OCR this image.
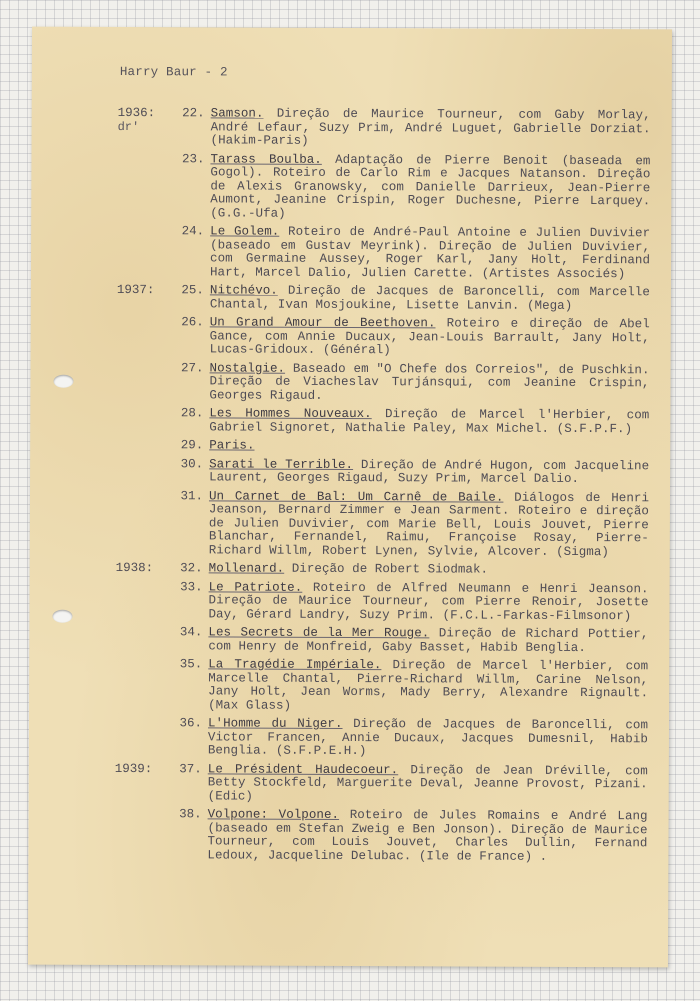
Harry Baur - 2
1936:
dr'
22. Samson. Direção de Maurice Tourneur, com Gaby Morlay, André Lefaur, Suzy Prim, André Luguet, Gabrielle Dorziat. (Hakim-Paris)
23. Tarass Boulba. Adaptação de Pierre Benoit (baseada em Gogol). Roteiro de Carlo Rim e Jacques Natanson. Direção de Alexis Granowsky, com Danielle Darrieux, Jean-Pierre Aumont, Jeanine Crispin, Roger Duchesne, Pierre Larquey. (G.G.-Ufa)
24. Le Golem. Roteiro de André-Paul Antoine e Julien Duvivier (baseado em Gustav Meyrink). Direção de Julien Duvivier, com Germaine Aussey, Roger Karl, Jany Holt, Ferdinand Hart, Marcel Dalio, Julien Carette. (Artistes Associés)
1937:	25. Nitchévo. Direção de Jacques de Baroncelli, com Marcelle Chantal, Ivan Mosjoukine, Lisette Lanvin. (Mega)
26. Un Grand Amour de Beethoven. Roteiro e direção de Abel Gance, com Annie Ducaux, Jean-Louis Barrault, Jany Holt, Lucas-Gridoux. (Général)
27. Nostalgie. Baseado em "O Chefe dos Correios", de Puschkin. Direção de Viacheslav Turjánsqui, com Jeanine Crispin, Georges Rigaud.
28. Les Hommes Nouveaux. Direção de Marcel l'Herbier, com Gabriel Signoret, Nathalie Paley, Max Michel. (S.F.P.F.)
29. Paris.
30. Sarati le Terrible. Direção de André Hugon, com Jacqueline Laurent, Georges Rigaud, Suzy Prim, Marcel Dalio.
31. Un Carnet de Bal: Um Carnê de Baile. Diálogos de Henri Jeanson, Bernard Zimmer e Jean Sarment. Roteiro e direção de Julien Duvivier, com Marie Bell, Louis Jouvet, Pierre Blanchar, Fernandel, Raimu, Françoise Rosay, Pierre-Richard Willm, Robert Lynen, Sylvie, Alcover. (Sigma)
1938:	32. Mollenard. Direção de Robert Siodmak.
33. Le Patriote. Roteiro de Alfred Neumann e Henri Jeanson. Direção de Maurice Tourneur, com Pierre Renoir, Josette Day, Gérard Landry, Suzy Prim. (F.C.L.-Farkas-Filmsonor)
34. Les Secrets de la Mer Rouge. Direção de Richard Pottier, com Henry de Monfreid, Gaby Basset, Habib Benglia.
35. La Tragédie Impériale. Direção de Marcel l'Herbier, com Marcelle Chantal, Pierre-Richard Willm, Carine Nelson, Jany Holt, Jean Worms, Mady Berry, Alexandre Rignault. (Max Glass)
36. L'Homme du Niger. Direção de Jacques de Baroncelli, com Victor Francen, Annie Ducaux, Jacques Dumesnil, Habib Benglia. (S.F.P.E.H.)
1939:	37. Le Président Haudecoeur. Direção de Jean Dréville, com Betty Stockfeld, Marguerite Deval, Jeanne Provost, Pizani. (Edic)
38. Volpone: Volpone. Roteiro de Jules Romains e André Lang (baseado em Stefan Zweig e Ben Jonson). Direção de Maurice Tourneur, com Louis Jouvet, Charles Dullin, Fernand Ledoux, Jacqueline Delubac. (Ile de France) .
